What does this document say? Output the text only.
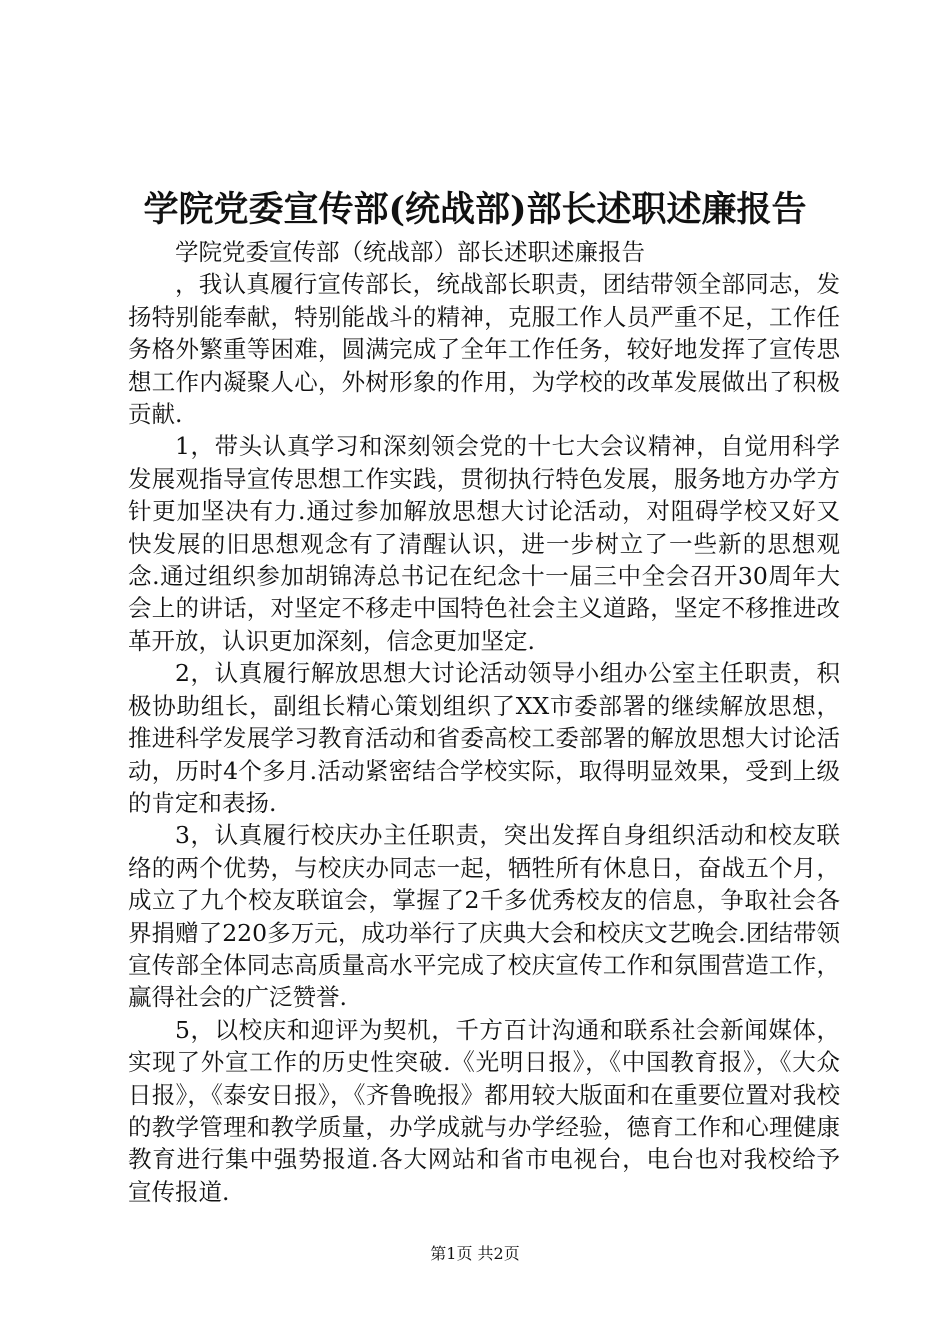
学院党委宣传部(统战部)部长述职述廉报告

学院党委宣传部（统战部）部长述职述廉报告

，我认真履行宣传部长，统战部长职责，团结带领全部同志，发扬特别能奉献，特别能战斗的精神，克服工作人员严重不足，工作任务格外繁重等困难，圆满完成了全年工作任务，较好地发挥了宣传思想工作内凝聚人心，外树形象的作用，为学校的改革发展做出了积极贡献.

1，带头认真学习和深刻领会党的十七大会议精神，自觉用科学发展观指导宣传思想工作实践，贯彻执行特色发展，服务地方办学方针更加坚决有力.通过参加解放思想大讨论活动，对阻碍学校又好又快发展的旧思想观念有了清醒认识，进一步树立了一些新的思想观念.通过组织参加胡锦涛总书记在纪念十一届三中全会召开30周年大会上的讲话，对坚定不移走中国特色社会主义道路，坚定不移推进改革开放，认识更加深刻，信念更加坚定.

2，认真履行解放思想大讨论活动领导小组办公室主任职责，积极协助组长，副组长精心策划组织了XX市委部署的继续解放思想，推进科学发展学习教育活动和省委高校工委部署的解放思想大讨论活动，历时4个多月.活动紧密结合学校实际，取得明显效果，受到上级的肯定和表扬.

3，认真履行校庆办主任职责，突出发挥自身组织活动和校友联络的两个优势，与校庆办同志一起，牺牲所有休息日，奋战五个月，成立了九个校友联谊会，掌握了2千多优秀校友的信息，争取社会各界捐赠了220多万元，成功举行了庆典大会和校庆文艺晚会.团结带领宣传部全体同志高质量高水平完成了校庆宣传工作和氛围营造工作，赢得社会的广泛赞誉.

5，以校庆和迎评为契机，千方百计沟通和联系社会新闻媒体，实现了外宣工作的历史性突破.《光明日报》，《中国教育报》，《大众日报》，《泰安日报》，《齐鲁晚报》都用较大版面和在重要位置对我校的教学管理和教学质量，办学成就与办学经验，德育工作和心理健康教育进行集中强势报道.各大网站和省市电视台，电台也对我校给予宣传报道.

第1页 共2页
